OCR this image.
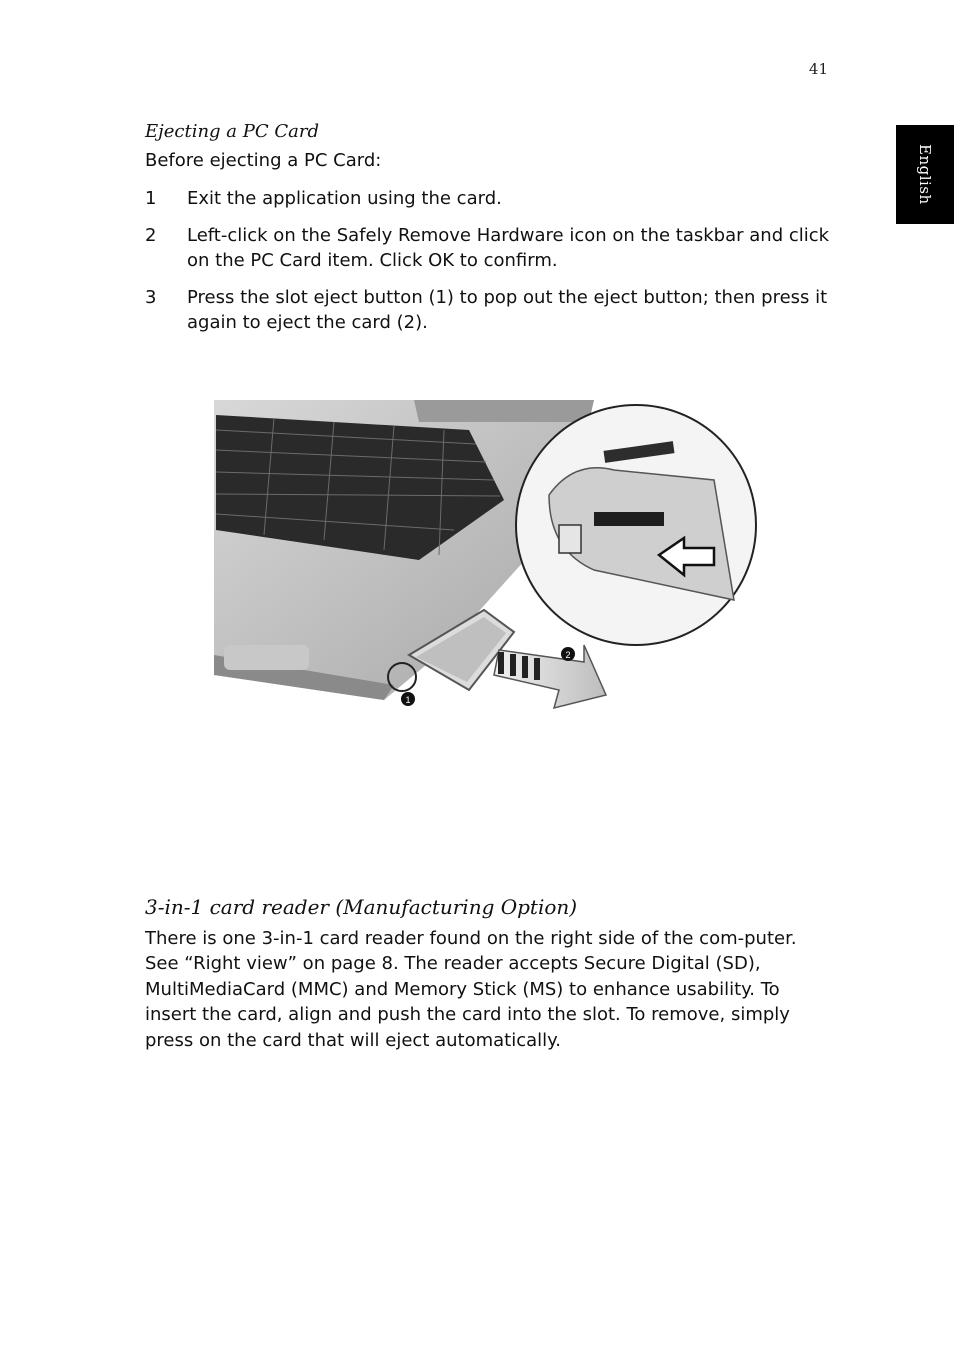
41
English
Ejecting a PC Card
Before ejecting a PC Card:
1 Exit the application using the card.
2 Left-click on the Safely Remove Hardware icon on the taskbar and click on the PC Card item. Click OK to confirm.
3 Press the slot eject button (1) to pop out the eject button; then press it again to eject the card (2).
1
2
3-in-1 card reader (Manufacturing Option)
There is one 3-in-1 card reader found on the right side of the com-puter. See “Right view” on page 8. The reader accepts Secure Digital (SD), MultiMediaCard (MMC) and Memory Stick (MS) to enhance usability. To insert the card, align and push the card into the slot. To remove, simply press on the card that will eject automatically.
